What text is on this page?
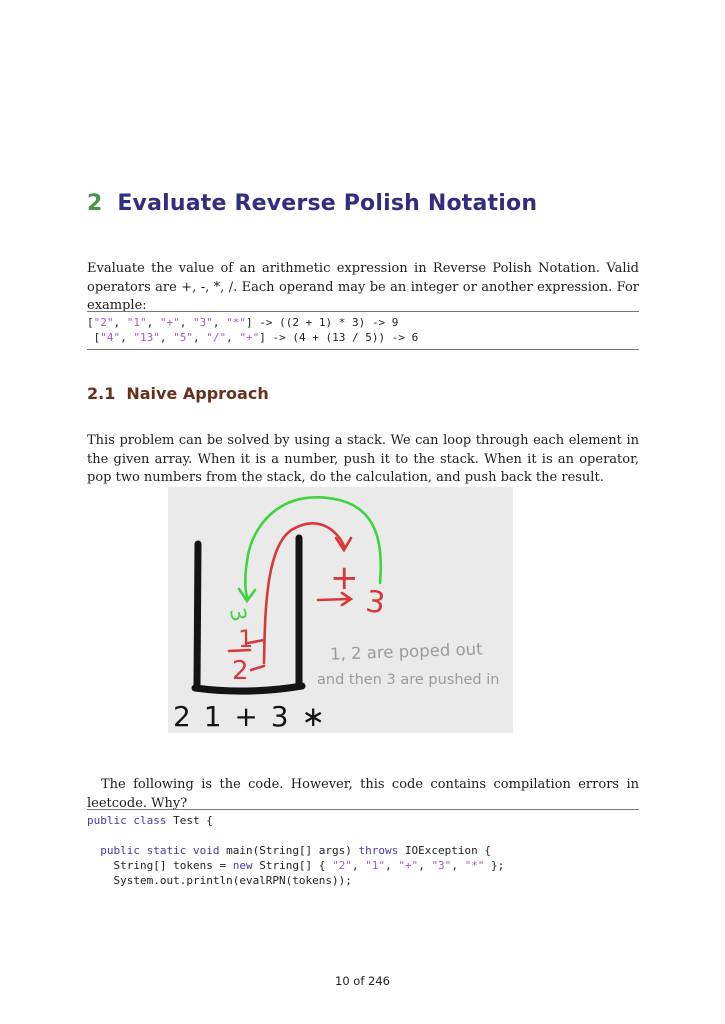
2 Evaluate Reverse Polish Notation

Evaluate the value of an arithmetic expression in Reverse Polish Notation. Valid operators are +, -, *, /. Each operand may be an integer or another expression. For example:

["2", "1", "+", "3", "*"] -> ((2 + 1) * 3) -> 9
["4", "13", "5", "/", "+"] -> (4 + (13 / 5)) -> 6
2.1 Naive Approach

This problem can be solved by using a stack. We can loop through each element in the given array. When it is a number, push it to the stack. When it is an operator, pop two numbers from the stack, do the calculation, and push back the result.

3
1
2
+
3
1, 2 are poped out
and then 3 are pushed in
2 1 + 3 ∗

The following is the code. However, this code contains compilation errors in leetcode. Why?

public class Test {

public static void main(String[] args) throws IOException {
String[] tokens = new String[] { "2", "1", "+", "3", "*" };
System.out.println(evalRPN(tokens));
10 of 246
